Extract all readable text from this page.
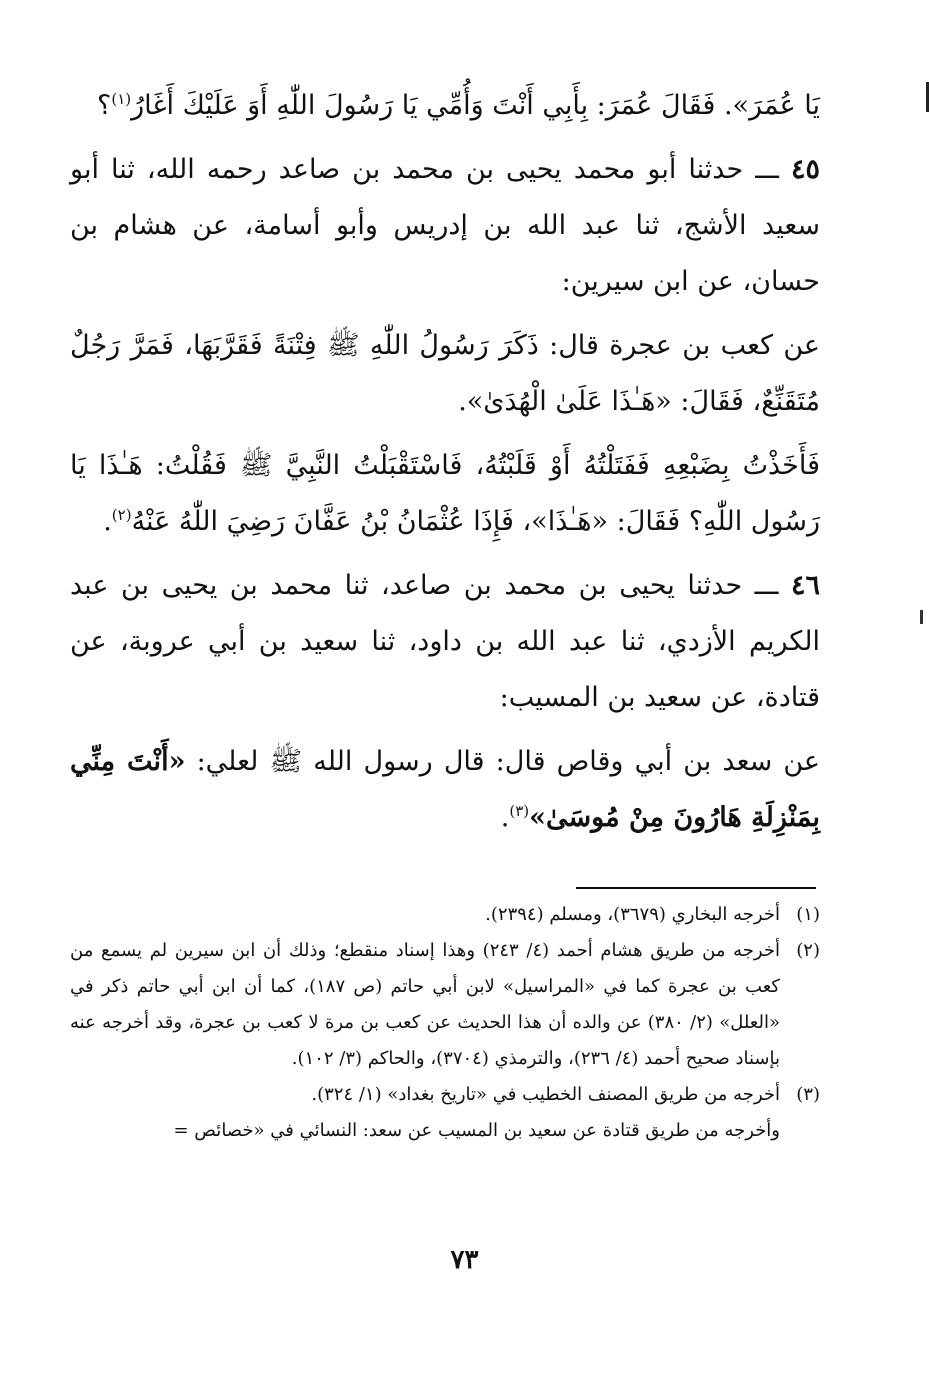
يَا عُمَرَ». فَقَالَ عُمَرَ: بِأَبِي أَنْتَ وَأُمِّي يَا رَسُولَ اللّٰهِ أَوَ عَلَيْكَ أَغَارُ$^{(١)}$؟

٤٥ ـــ حدثنا أبو محمد يحيى بن محمد بن صاعد رحمه الله، ثنا أبو سعيد الأشج، ثنا عبد الله بن إدريس وأبو أسامة، عن هشام بن حسان، عن ابن سيرين:

عن كعب بن عجرة قال: ذَكَرَ رَسُولُ اللّٰهِ ﷺ فِتْنَةً فَقَرَّبَهَا، فَمَرَّ رَجُلٌ مُتَقَنِّعٌ، فَقَالَ: «هَـٰذَا عَلَىٰ الْهُدَىٰ».

فَأَخَذْتُ بِضَبْعِهِ فَفَتَلْتُهُ أَوْ قَلَبْتُهُ، فَاسْتَقْبَلْتُ النَّبِيَّ ﷺ فَقُلْتُ: هَـٰذَا يَا رَسُول اللّٰهِ؟ فَقَالَ: «هَـٰذَا»، فَإِذَا عُثْمَانُ بْنُ عَفَّانَ رَضِيَ اللّٰهُ عَنْهُ$^{(٢)}$.

٤٦ ـــ حدثنا يحيى بن محمد بن صاعد، ثنا محمد بن يحيى بن عبد الكريم الأزدي، ثنا عبد الله بن داود، ثنا سعيد بن أبي عروبة، عن قتادة، عن سعيد بن المسيب:

عن سعد بن أبي وقاص قال: قال رسول الله ﷺ لعلي: «أَنْتَ مِنِّي بِمَنْزِلَةِ هَارُونَ مِنْ مُوسَىٰ»$^{(٣)}$.

(١)
أخرجه البخاري (٣٦٧٩)، ومسلم (٢٣٩٤).
(٢)
أخرجه من طريق هشام أحمد (٤/ ٢٤٣) وهذا إسناد منقطع؛ وذلك أن ابن سيرين لم يسمع من كعب بن عجرة كما في «المراسيل» لابن أبي حاتم (ص ١٨٧)، كما أن ابن أبي حاتم ذكر في «العلل» (٢/ ٣٨٠) عن والده أن هذا الحديث عن كعب بن مرة لا كعب بن عجرة، وقد أخرجه عنه بإسناد صحيح أحمد (٤/ ٢٣٦)، والترمذي (٣٧٠٤)، والحاكم (٣/ ١٠٢).
(٣)
أخرجه من طريق المصنف الخطيب في «تاريخ بغداد» (١/ ٣٢٤).

وأخرجه من طريق قتادة عن سعيد بن المسيب عن سعد: النسائي في «خصائص =

٧٣
